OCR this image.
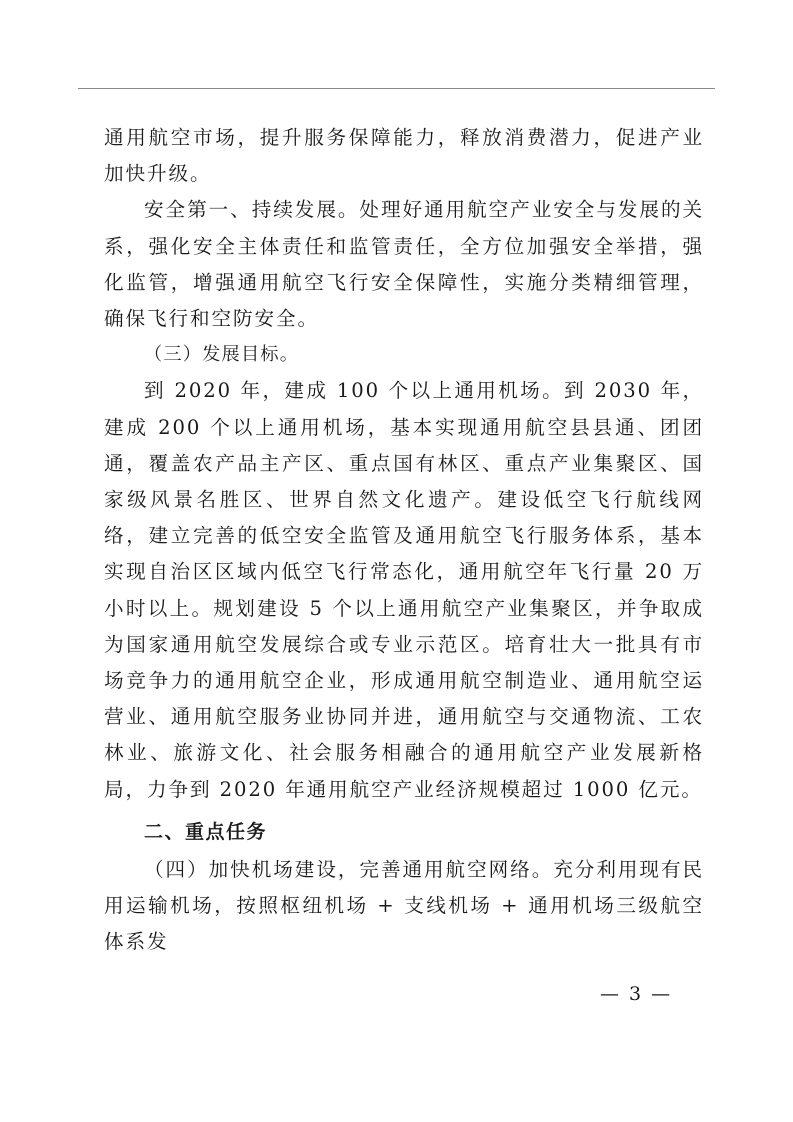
通用航空市场，提升服务保障能力，释放消费潜力，促进产业加快升级。

安全第一、持续发展。处理好通用航空产业安全与发展的关系，强化安全主体责任和监管责任，全方位加强安全举措，强化监管，增强通用航空飞行安全保障性，实施分类精细管理，确保飞行和空防安全。

（三）发展目标。

到 2020 年，建成 100 个以上通用机场。到 2030 年，建成 200 个以上通用机场，基本实现通用航空县县通、团团通，覆盖农产品主产区、重点国有林区、重点产业集聚区、国家级风景名胜区、世界自然文化遗产。建设低空飞行航线网络，建立完善的低空安全监管及通用航空飞行服务体系，基本实现自治区区域内低空飞行常态化，通用航空年飞行量 20 万小时以上。规划建设 5 个以上通用航空产业集聚区，并争取成为国家通用航空发展综合或专业示范区。培育壮大一批具有市场竞争力的通用航空企业，形成通用航空制造业、通用航空运营业、通用航空服务业协同并进，通用航空与交通物流、工农林业、旅游文化、社会服务相融合的通用航空产业发展新格局，力争到 2020 年通用航空产业经济规模超过 1000 亿元。

二、重点任务

（四）加快机场建设，完善通用航空网络。充分利用现有民用运输机场，按照枢纽机场 + 支线机场 + 通用机场三级航空体系发

— 3 —
